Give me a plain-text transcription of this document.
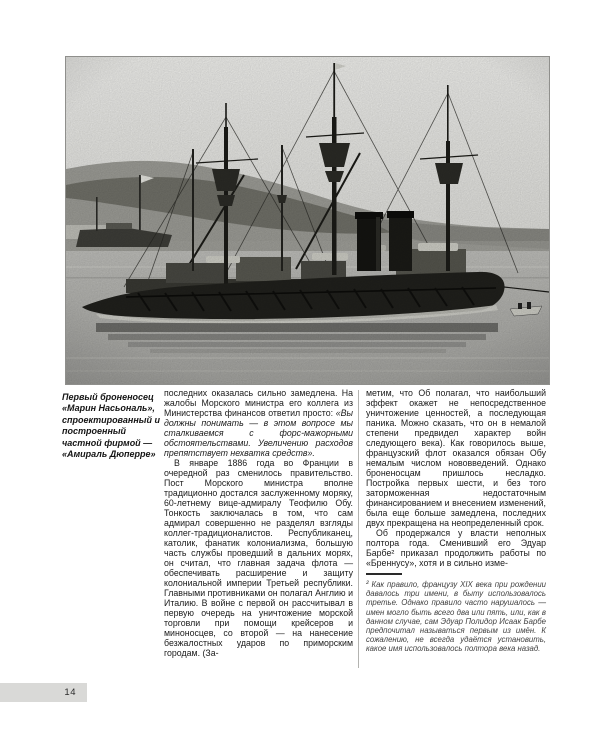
Первый броненосец «Марин Насьональ», спроектированный и построенный частной фирмой — «Амираль Дюперре»

последних оказалась сильно замедлена. На жалобы Морского министра его коллега из Министерства финансов ответил просто: «Вы должны понимать — в этом вопросе мы сталкиваемся с форс-мажорными обстоятельствами. Увеличению расходов препятствует нехватка средств».

В январе 1886 года во Франции в очередной раз сменилось правительство. Пост Морского министра вполне традиционно достался заслуженному моряку, 60-летнему вице-адмиралу Теофилю Обу. Тонкость заключалась в том, что сам адмирал совершенно не разделял взгляды коллег-традиционалистов. Республиканец, католик, фанатик колониализма, большую часть службы проведший в дальних морях, он считал, что главная задача флота — обеспечивать расширение и защиту колониальной империи Третьей республики. Главными противниками он полагал Англию и Италию. В войне с первой он рассчитывал в первую очередь на уничтожение морской торговли при помощи крейсеров и миноносцев, со второй — на нанесение безжалостных ударов по приморским городам. (За-

метим, что Об полагал, что наибольший эффект окажет не непосредственное уничтожение ценностей, а последующая паника. Можно сказать, что он в немалой степени предвидел характер войн следующего века). Как говорилось выше, французский флот оказался обязан Обу немалым числом нововведений. Однако броненосцам пришлось несладко. Постройка первых шести, и без того заторможенная недостаточным финансированием и внесением изменений, была еще больше замедлена, последних двух прекращена на неопределенный срок.

Об продержался у власти неполных полтора года. Сменивший его Эдуар Барбе² приказал продолжить работы по «Бреннусу», хотя и в сильно изме-

² Как правило, французу XIX века при рождении давалось три имени, в быту использовалось третье. Однако правило часто нарушалось — имен могло быть всего два или пять, или, как в данном случае, сам Эдуар Полидор Исаак Барбе предпочитал называться первым из имён. К сожалению, не всегда удаётся установить, какое имя использовалось полтора века назад.

14
